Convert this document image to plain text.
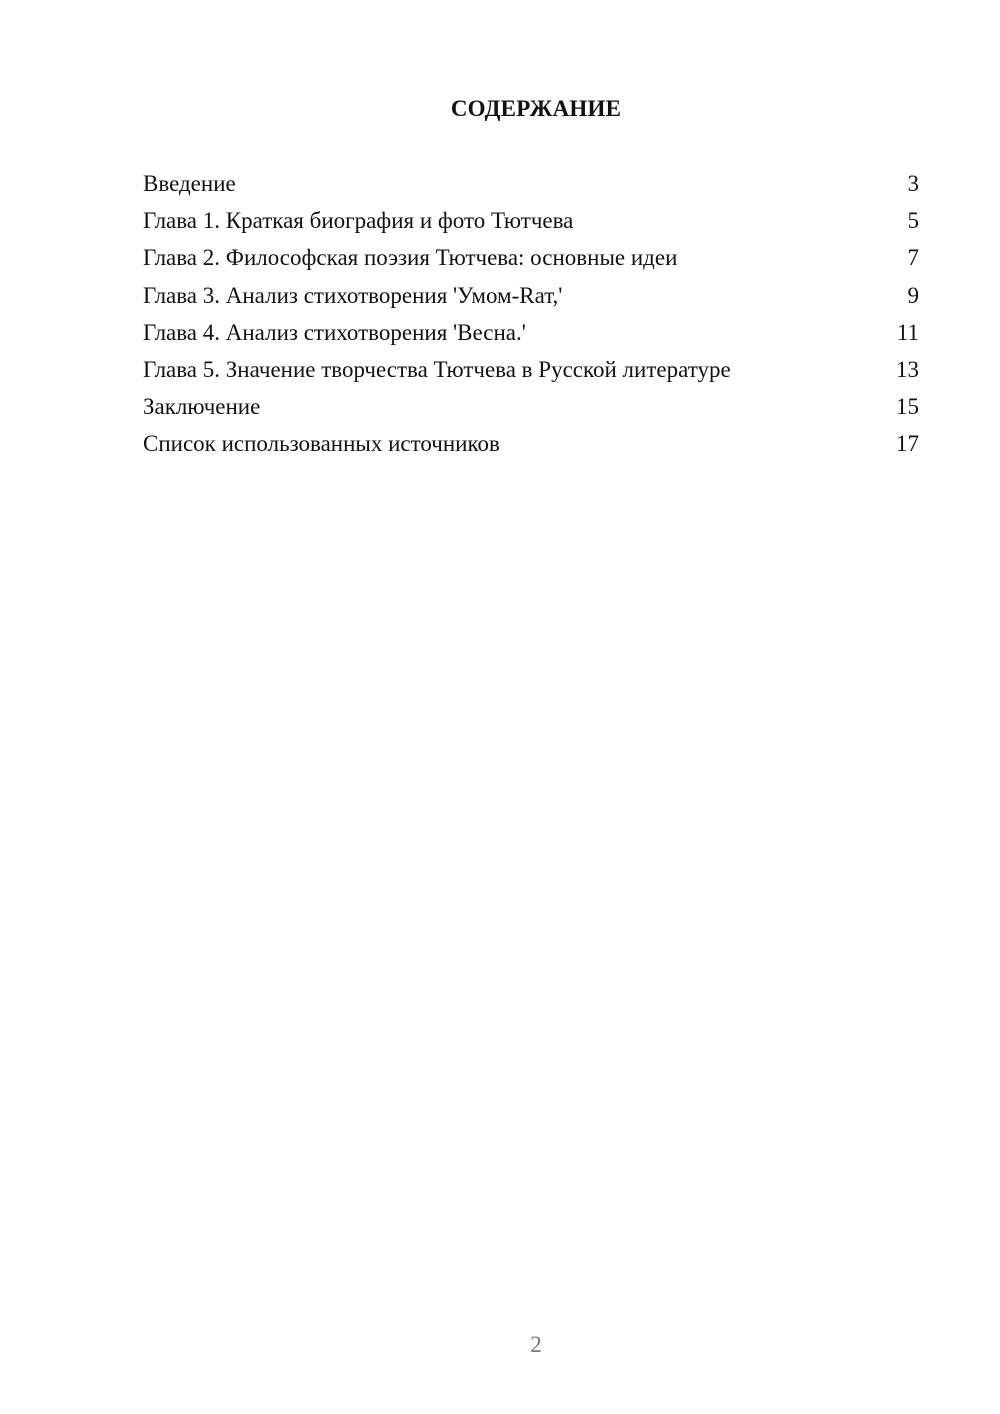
СОДЕРЖАНИЕ
Введение	3
Глава 1. Краткая биография и фото Тютчева	5
Глава 2. Философская поэзия Тютчева: основные идеи	7
Глава 3. Анализ стихотворения 'Умом-Rат,'	9
Глава 4. Анализ стихотворения 'Весна.'	11
Глава 5. Значение творчества Тютчева в Русской литературе	13
Заключение	15
Список использованных источников	17
2
